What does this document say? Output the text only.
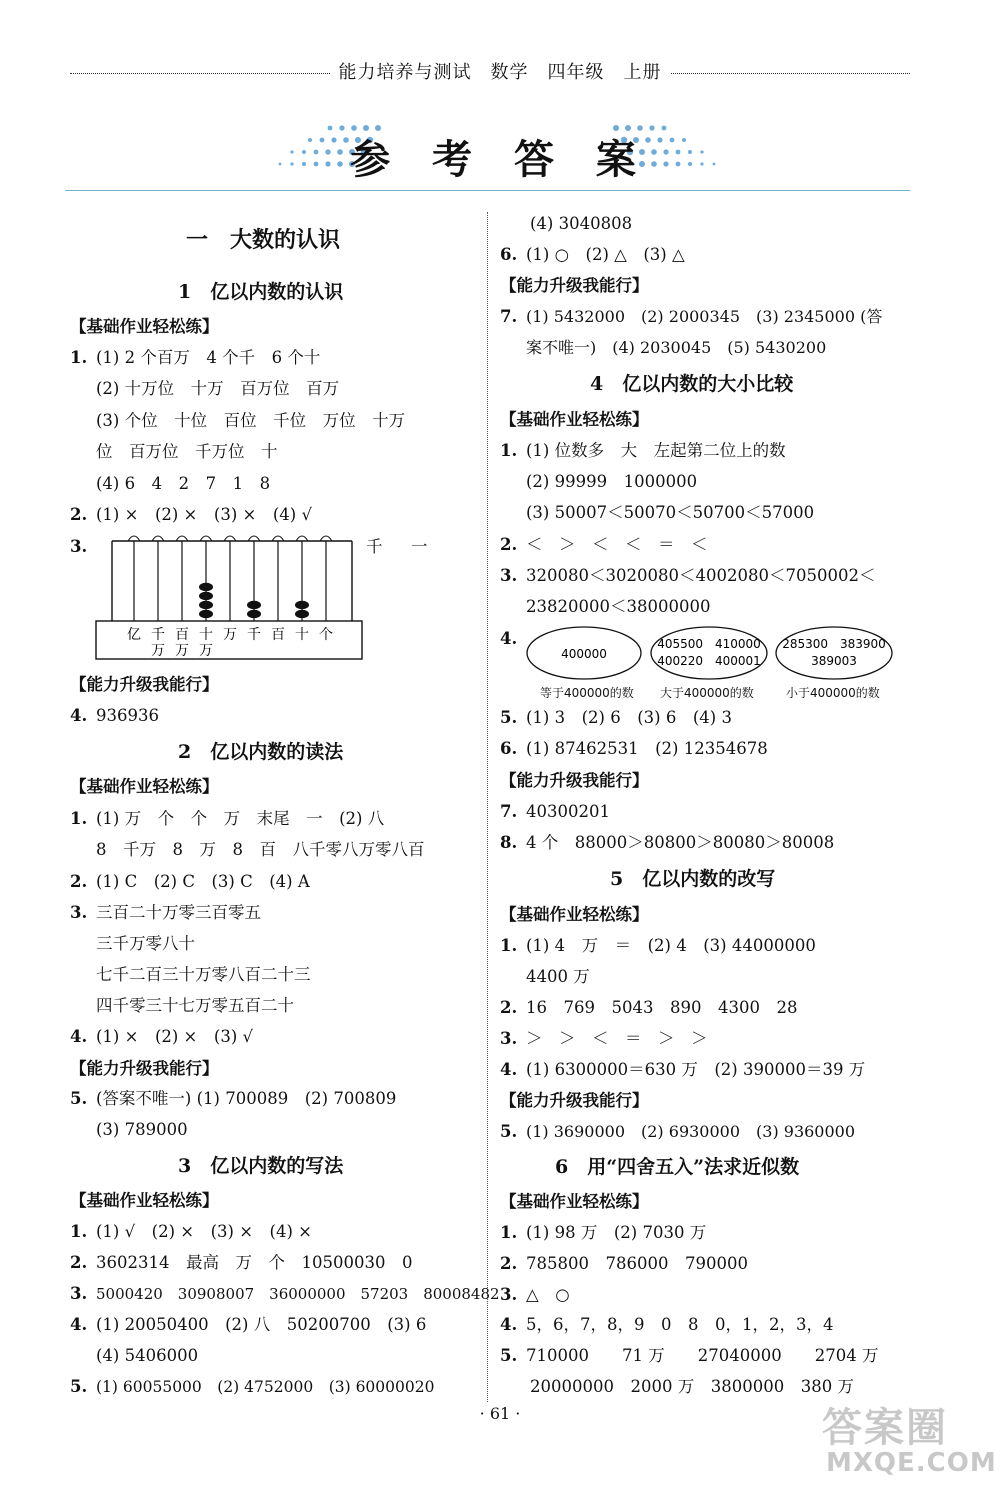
能力培养与测试　数学　四年级　上册
参 考 答 案
一　大数的认识
1　亿以内数的认识
【基础作业轻松练】
1. (1) 2 个百万　4 个千　6 个十
(2) 十万位　十万　百万位　百万
(3) 个位　十位　百位　千位　万位　十万
位　百万位　千万位　十
(4) 6　4　2　7　1　8
2. (1) ×　(2) ×　(3) ×　(4) √
3.
亿 千
万
百
万
十
万
万 千 百 十 个
千　一
【能力升级我能行】
4. 936936
2　亿以内数的读法
【基础作业轻松练】
1. (1) 万　个　个　万　末尾　一　(2) 八
8　千万　8　万　8　百　八千零八万零八百
2. (1) C　(2) C　(3) C　(4) A
3. 三百二十万零三百零五
三千万零八十
七千二百三十万零八百二十三
四千零三十七万零五百二十
4. (1) ×　(2) ×　(3) √
【能力升级我能行】
5. (答案不唯一) (1) 700089　(2) 700809
(3) 789000
3　亿以内数的写法
【基础作业轻松练】
1. (1) √　(2) ×　(3) ×　(4) ×
2. 3602314　最高　万　个　10500030　0
3. 5000420　30908007　36000000　57203　80008482
4. (1) 20050400　(2) 八　50200700　(3) 6
(4) 5406000
5. (1) 60055000　(2) 4752000　(3) 60000020
(4) 3040808
6. (1) ○　(2) △　(3) △
【能力升级我能行】
7. (1) 5432000　(2) 2000345　(3) 2345000 (答
案不唯一)　(4) 2030045　(5) 5430200
4　亿以内数的大小比较
【基础作业轻松练】
1. (1) 位数多　大　左起第二位上的数
(2) 99999　1000000
(3) 50007＜50070＜50700＜57000
2. ＜　＞　＜　＜　＝　＜
3. 320080＜3020080＜4002080＜7050002＜
23820000＜38000000
4.
400000
405500　410000
400220　400001
285300　383900
389003
等于400000的数 大于400000的数	小于400000的数
5. (1) 3　(2) 6　(3) 6　(4) 3
6. (1) 87462531　(2) 12354678
【能力升级我能行】
7. 40300201
8. 4 个　88000＞80800＞80080＞80008
5　亿以内数的改写
【基础作业轻松练】
1. (1) 4　万　＝　(2) 4　(3) 44000000
4400 万
2. 16　769　5043　890　4300　28
3. ＞　＞　＜　＝　＞　＞
4. (1) 6300000＝630 万　(2) 390000＝39 万
【能力升级我能行】
5. (1) 3690000　(2) 6930000　(3) 9360000
6　用“四舍五入”法求近似数
【基础作业轻松练】
1. (1) 98 万　(2) 7030 万
2. 785800　786000　790000
3. △　○
4. 5，6，7，8，9　0　8　0，1，2，3，4
5. 710000　　71 万　　27040000　　2704 万
20000000　2000 万　3800000　380 万
· 61 ·	答案圈
MXQE.COM
